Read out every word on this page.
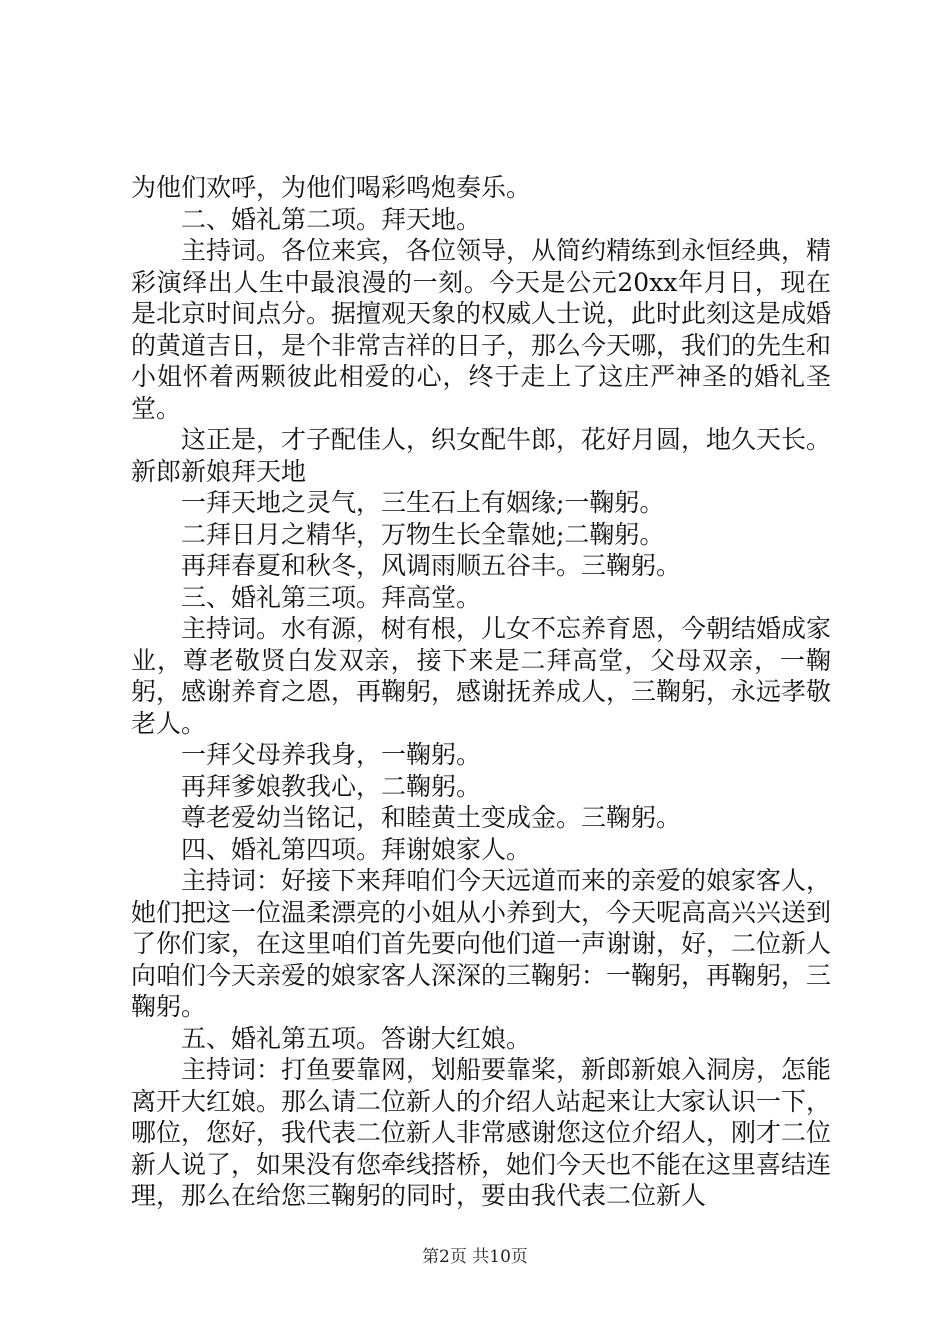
为他们欢呼，为他们喝彩鸣炮奏乐。

二、婚礼第二项。拜天地。

主持词。各位来宾，各位领导，从简约精练到永恒经典，精彩演绎出人生中最浪漫的一刻。今天是公元20xx年月日，现在是北京时间点分。据擅观天象的权威人士说，此时此刻这是成婚的黄道吉日，是个非常吉祥的日子，那么今天哪，我们的先生和小姐怀着两颗彼此相爱的心，终于走上了这庄严神圣的婚礼圣堂。

这正是，才子配佳人，织女配牛郎，花好月圆，地久天长。新郎新娘拜天地

一拜天地之灵气，三生石上有姻缘;一鞠躬。

二拜日月之精华，万物生长全靠她;二鞠躬。

再拜春夏和秋冬，风调雨顺五谷丰。三鞠躬。

三、婚礼第三项。拜高堂。

主持词。水有源，树有根，儿女不忘养育恩，今朝结婚成家业，尊老敬贤白发双亲，接下来是二拜高堂，父母双亲，一鞠躬，感谢养育之恩，再鞠躬，感谢抚养成人，三鞠躬，永远孝敬老人。

一拜父母养我身，一鞠躬。

再拜爹娘教我心，二鞠躬。

尊老爱幼当铭记，和睦黄土变成金。三鞠躬。

四、婚礼第四项。拜谢娘家人。

主持词：好接下来拜咱们今天远道而来的亲爱的娘家客人，她们把这一位温柔漂亮的小姐从小养到大，今天呢高高兴兴送到了你们家，在这里咱们首先要向他们道一声谢谢，好，二位新人向咱们今天亲爱的娘家客人深深的三鞠躬：一鞠躬，再鞠躬，三鞠躬。

五、婚礼第五项。答谢大红娘。

主持词：打鱼要靠网，划船要靠桨，新郎新娘入洞房，怎能离开大红娘。那么请二位新人的介绍人站起来让大家认识一下，哪位，您好，我代表二位新人非常感谢您这位介绍人，刚才二位新人说了，如果没有您牵线搭桥，她们今天也不能在这里喜结连理，那么在给您三鞠躬的同时，要由我代表二位新人

第2页 共10页
